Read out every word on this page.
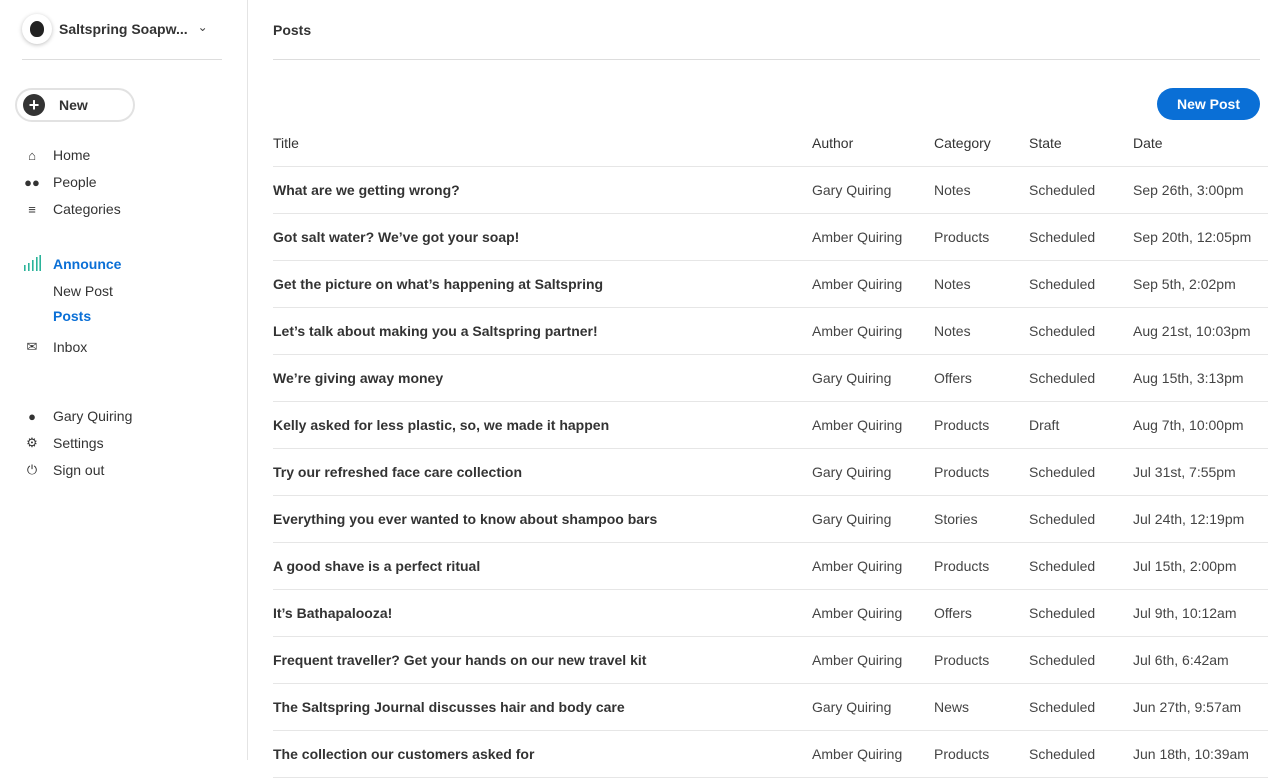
Saltspring Soapw... ⌄
+	New
⌂	Home
●● People
≡	Categories
Announce
New Post
Posts
✉	Inbox
●	Gary Quiring
⚙ Settings
⏻	Sign out
Posts
New Post
Title	Author	Category	State	Date
What are we getting wrong?	Gary Quiring	Notes	Scheduled	Sep 26th, 3:00pm
Got salt water? We’ve got your soap!	Amber Quiring	Products	Scheduled	Sep 20th, 12:05pm
Get the picture on what’s happening at Saltspring	Amber Quiring	Notes	Scheduled	Sep 5th, 2:02pm
Let’s talk about making you a Saltspring partner!	Amber Quiring	Notes	Scheduled	Aug 21st, 10:03pm
We’re giving away money	Gary Quiring	Offers	Scheduled	Aug 15th, 3:13pm
Kelly asked for less plastic, so, we made it happen	Amber Quiring	Products	Draft	Aug 7th, 10:00pm
Try our refreshed face care collection	Gary Quiring	Products	Scheduled	Jul 31st, 7:55pm
Everything you ever wanted to know about shampoo bars	Gary Quiring	Stories	Scheduled	Jul 24th, 12:19pm
A good shave is a perfect ritual	Amber Quiring	Products	Scheduled	Jul 15th, 2:00pm
It’s Bathapalooza!	Amber Quiring	Offers	Scheduled	Jul 9th, 10:12am
Frequent traveller? Get your hands on our new travel kit	Amber Quiring	Products	Scheduled	Jul 6th, 6:42am
The Saltspring Journal discusses hair and body care	Gary Quiring	News	Scheduled	Jun 27th, 9:57am
The collection our customers asked for	Amber Quiring	Products	Scheduled	Jun 18th, 10:39am
